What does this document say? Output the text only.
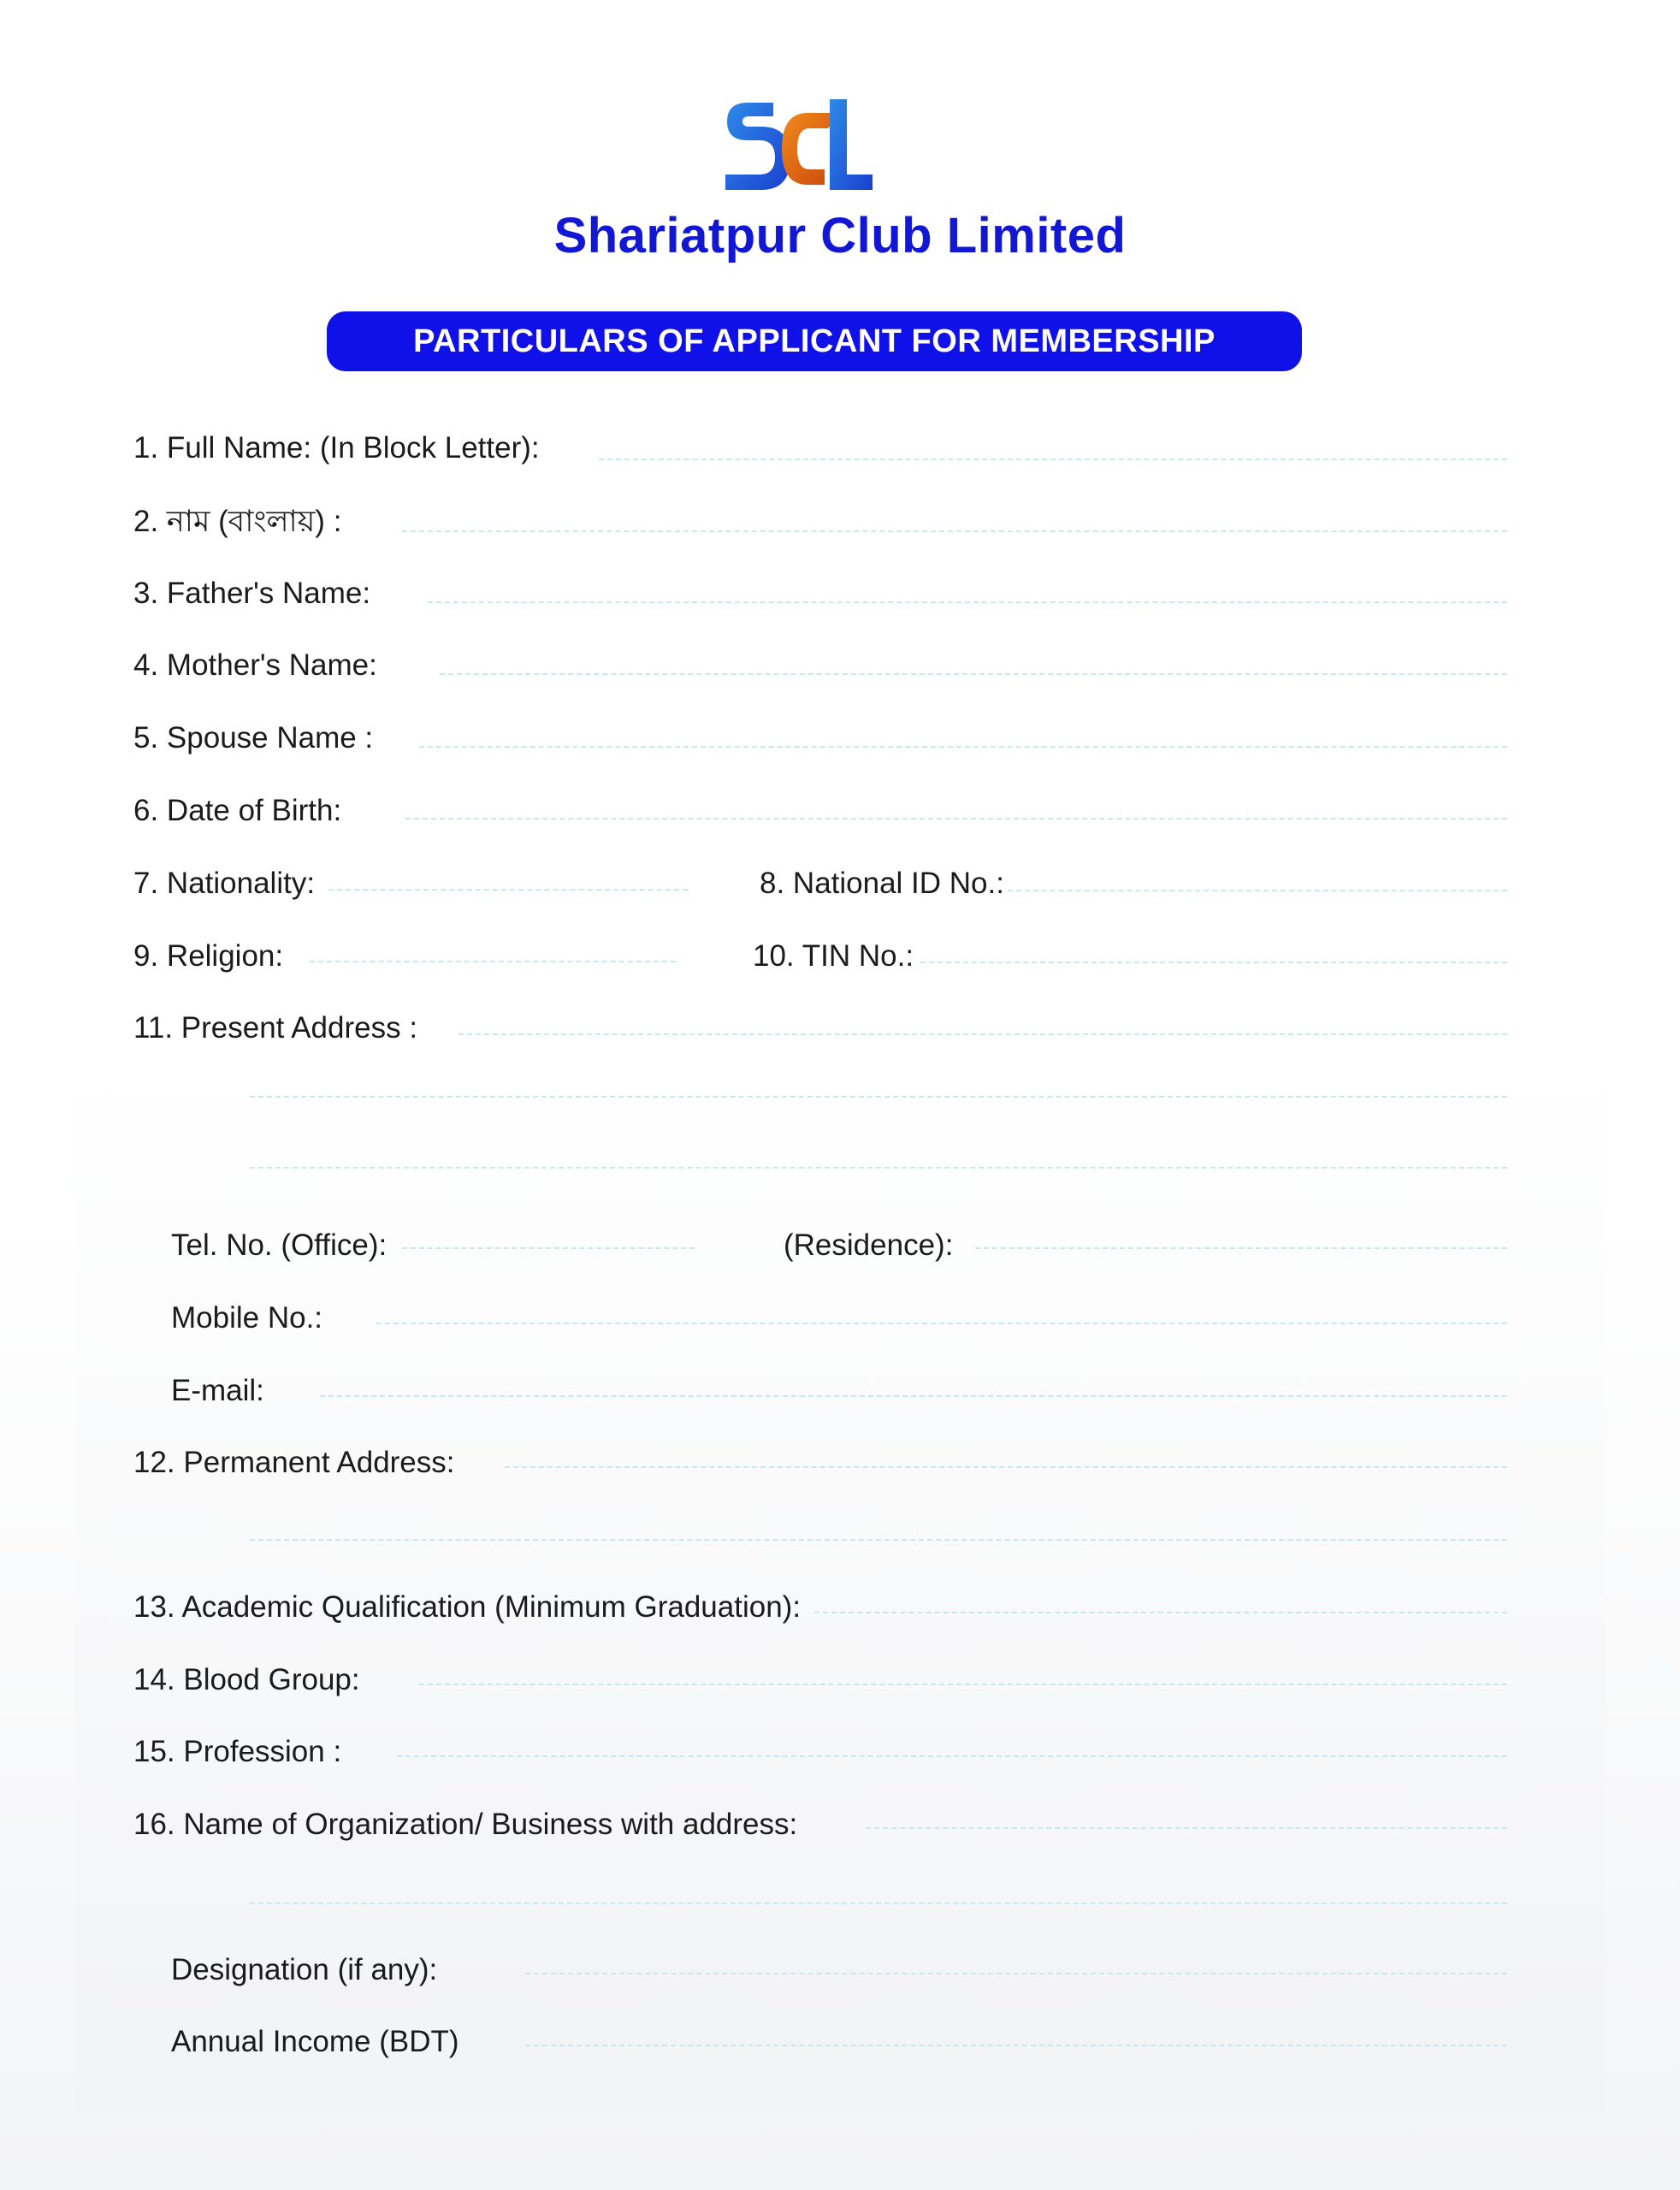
Shariatpur Club Limited
PARTICULARS OF APPLICANT FOR MEMBERSHIP
1. Full Name: (In Block Letter):
2. নাম (বাংলায়) :
3. Father's Name:
4. Mother's Name:
5. Spouse Name :
6. Date of Birth:
7. Nationality:	8. National ID No.:
9. Religion:	10. TIN No.:
11. Present Address :
Tel. No. (Office):	(Residence):
Mobile No.:
E-mail:
12. Permanent Address:
13. Academic Qualification (Minimum Graduation):
14. Blood Group:
15. Profession :
16. Name of Organization/ Business with address:
Designation (if any):
Annual Income (BDT)
